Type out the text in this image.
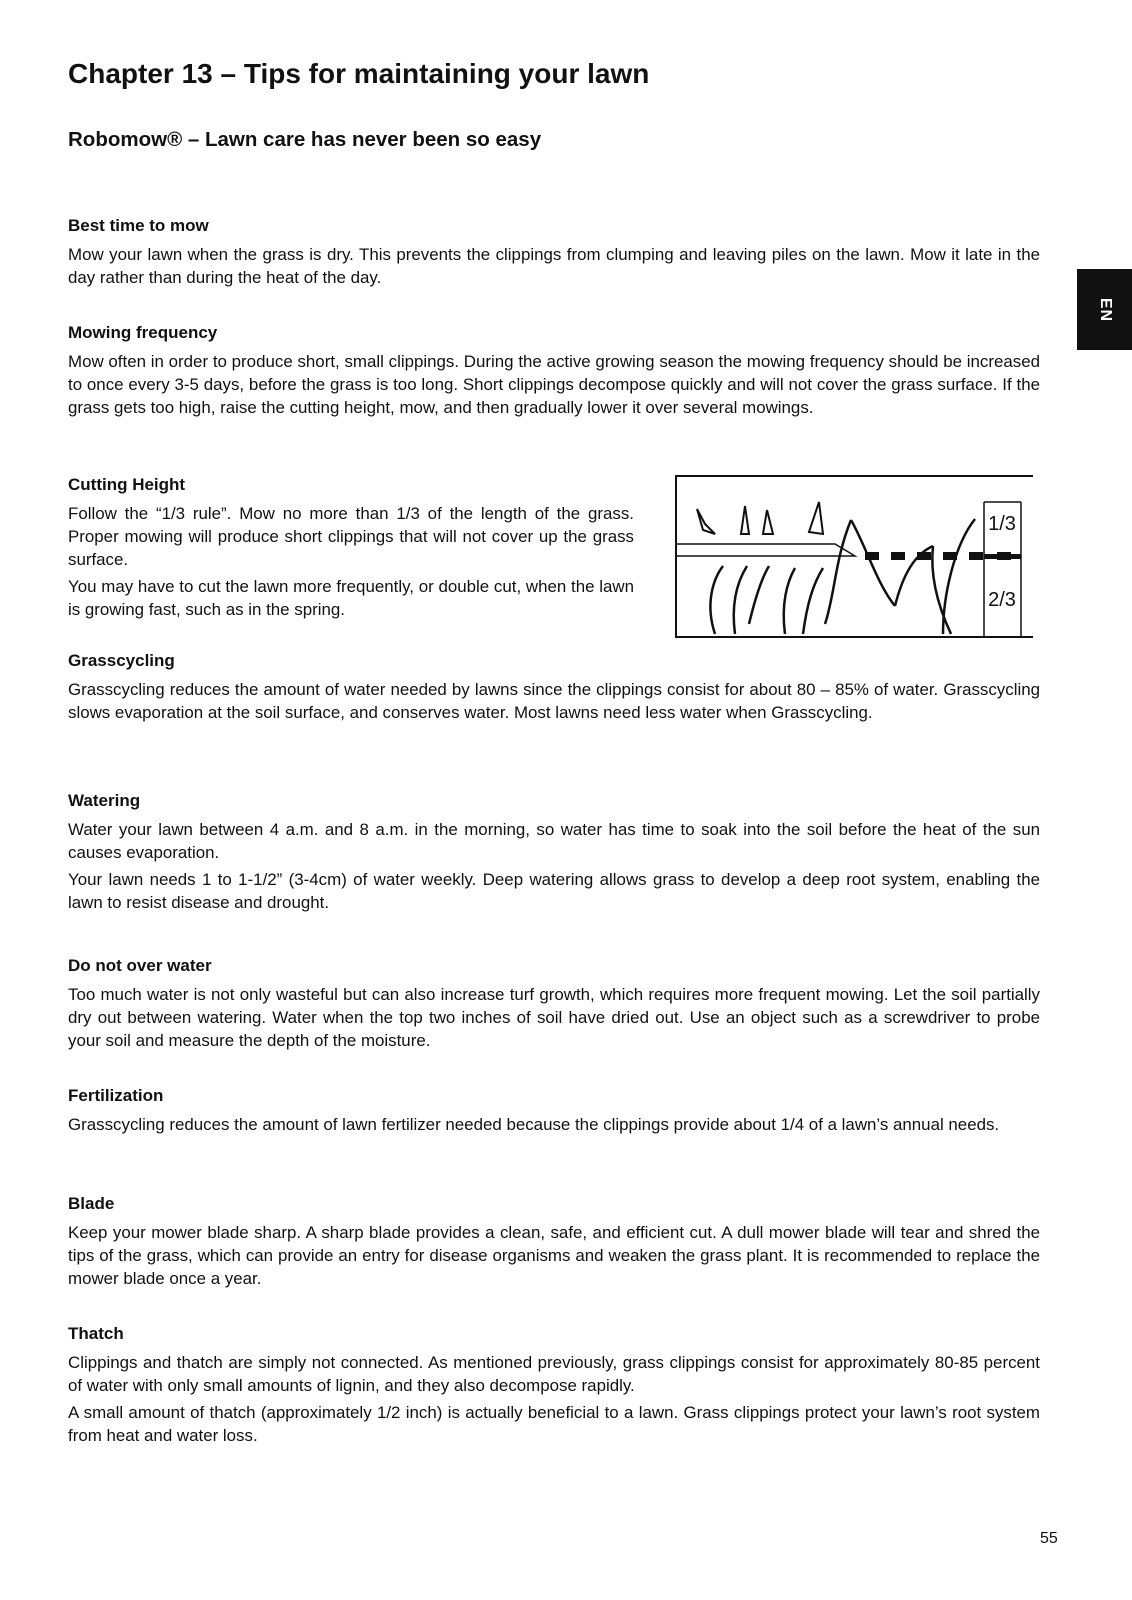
Chapter 13 – Tips for maintaining your lawn
Robomow® – Lawn care has never been so easy
EN
Best time to mow

Mow your lawn when the grass is dry. This prevents the clippings from clumping and leaving piles on the lawn. Mow it late in the day rather than during the heat of the day.

Mowing frequency

Mow often in order to produce short, small clippings. During the active growing season the mowing frequency should be increased to once every 3-5 days, before the grass is too long. Short clippings decompose quickly and will not cover the grass surface. If the grass gets too high, raise the cutting height, mow, and then gradually lower it over several mowings.

Cutting Height

Follow the “1/3 rule”. Mow no more than 1/3 of the length of the grass. Proper mowing will produce short clippings that will not cover up the grass surface.

You may have to cut the lawn more frequently, or double cut, when the lawn is growing fast, such as in the spring.

1/3
2/3
Grasscycling

Grasscycling reduces the amount of water needed by lawns since the clippings consist for about 80 – 85% of water. Grasscycling slows evaporation at the soil surface, and conserves water. Most lawns need less water when Grasscycling.

Watering

Water your lawn between 4 a.m. and 8 a.m. in the morning, so water has time to soak into the soil before the heat of the sun causes evaporation.

Your lawn needs 1 to 1-1/2” (3-4cm) of water weekly. Deep watering allows grass to develop a deep root system, enabling the lawn to resist disease and drought.

Do not over water

Too much water is not only wasteful but can also increase turf growth, which requires more frequent mowing. Let the soil partially dry out between watering. Water when the top two inches of soil have dried out. Use an object such as a screwdriver to probe your soil and measure the depth of the moisture.

Fertilization

Grasscycling reduces the amount of lawn fertilizer needed because the clippings provide about 1/4 of a lawn’s annual needs.

Blade

Keep your mower blade sharp. A sharp blade provides a clean, safe, and efficient cut. A dull mower blade will tear and shred the tips of the grass, which can provide an entry for disease organisms and weaken the grass plant. It is recommended to replace the mower blade once a year.

Thatch

Clippings and thatch are simply not connected. As mentioned previously, grass clippings consist for approximately 80-85 percent of water with only small amounts of lignin, and they also decompose rapidly.

A small amount of thatch (approximately 1/2 inch) is actually beneficial to a lawn. Grass clippings protect your lawn’s root system from heat and water loss.

55
